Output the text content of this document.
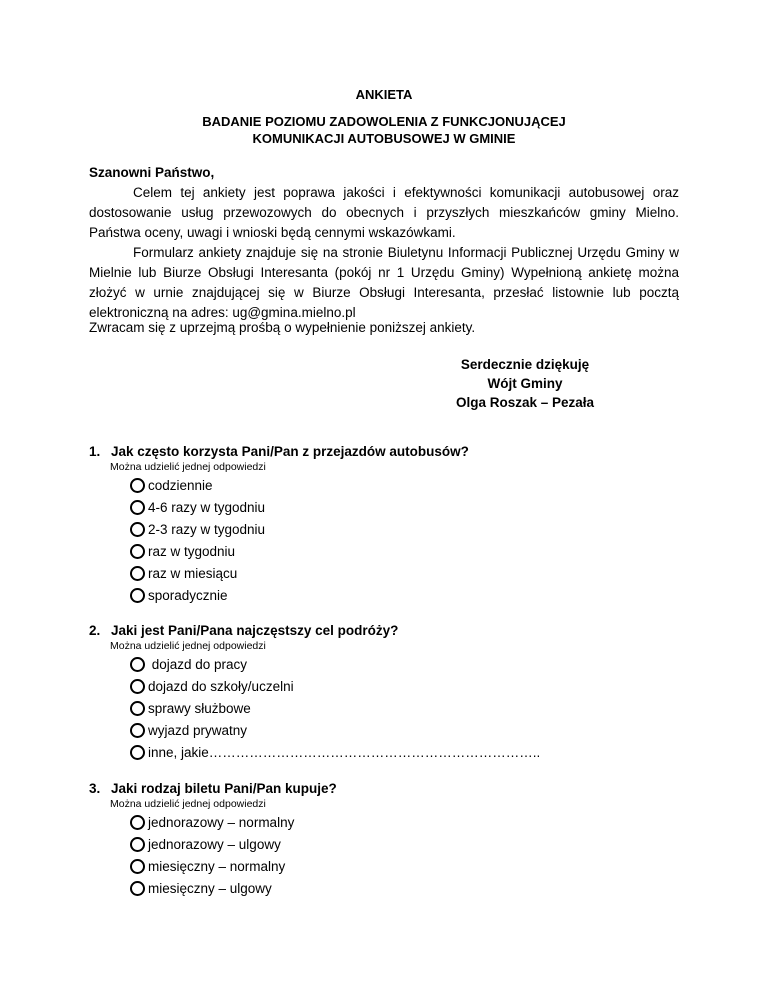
ANKIETA
BADANIE POZIOMU ZADOWOLENIA Z FUNKCJONUJĄCEJ
KOMUNIKACJI AUTOBUSOWEJ W GMINIE

Szanowni Państwo,

Celem tej ankiety jest poprawa jakości i efektywności komunikacji autobusowej oraz dostosowanie usług przewozowych do obecnych i przyszłych mieszkańców gminy Mielno. Państwa oceny, uwagi i wnioski będą cennymi wskazówkami.

Formularz ankiety znajduje się na stronie Biuletynu Informacji Publicznej Urzędu Gminy w Mielnie lub Biurze Obsługi Interesanta (pokój nr 1 Urzędu Gminy) Wypełnioną ankietę można złożyć w urnie znajdującej się w Biurze Obsługi Interesanta, przesłać listownie lub pocztą elektroniczną na adres: ug@gmina.mielno.pl

Zwracam się z uprzejmą prośbą o wypełnienie poniższej ankiety.
Serdecznie dziękuję
Wójt Gminy
Olga Roszak – Pezała
1. Jak często korzysta Pani/Pan z przejazdów autobusów?
Można udzielić jednej odpowiedzi
codziennie
4-6 razy w tygodniu
2-3 razy w tygodniu
raz w tygodniu
raz w miesiącu
sporadycznie
2. Jaki jest Pani/Pana najczęstszy cel podróży?
Można udzielić jednej odpowiedzi
dojazd do pracy
dojazd do szkoły/uczelni
sprawy służbowe
wyjazd prywatny
inne, jakie………………………………………………………………..
3. Jaki rodzaj biletu Pani/Pan kupuje?
Można udzielić jednej odpowiedzi
jednorazowy – normalny
jednorazowy – ulgowy
miesięczny – normalny
miesięczny – ulgowy
